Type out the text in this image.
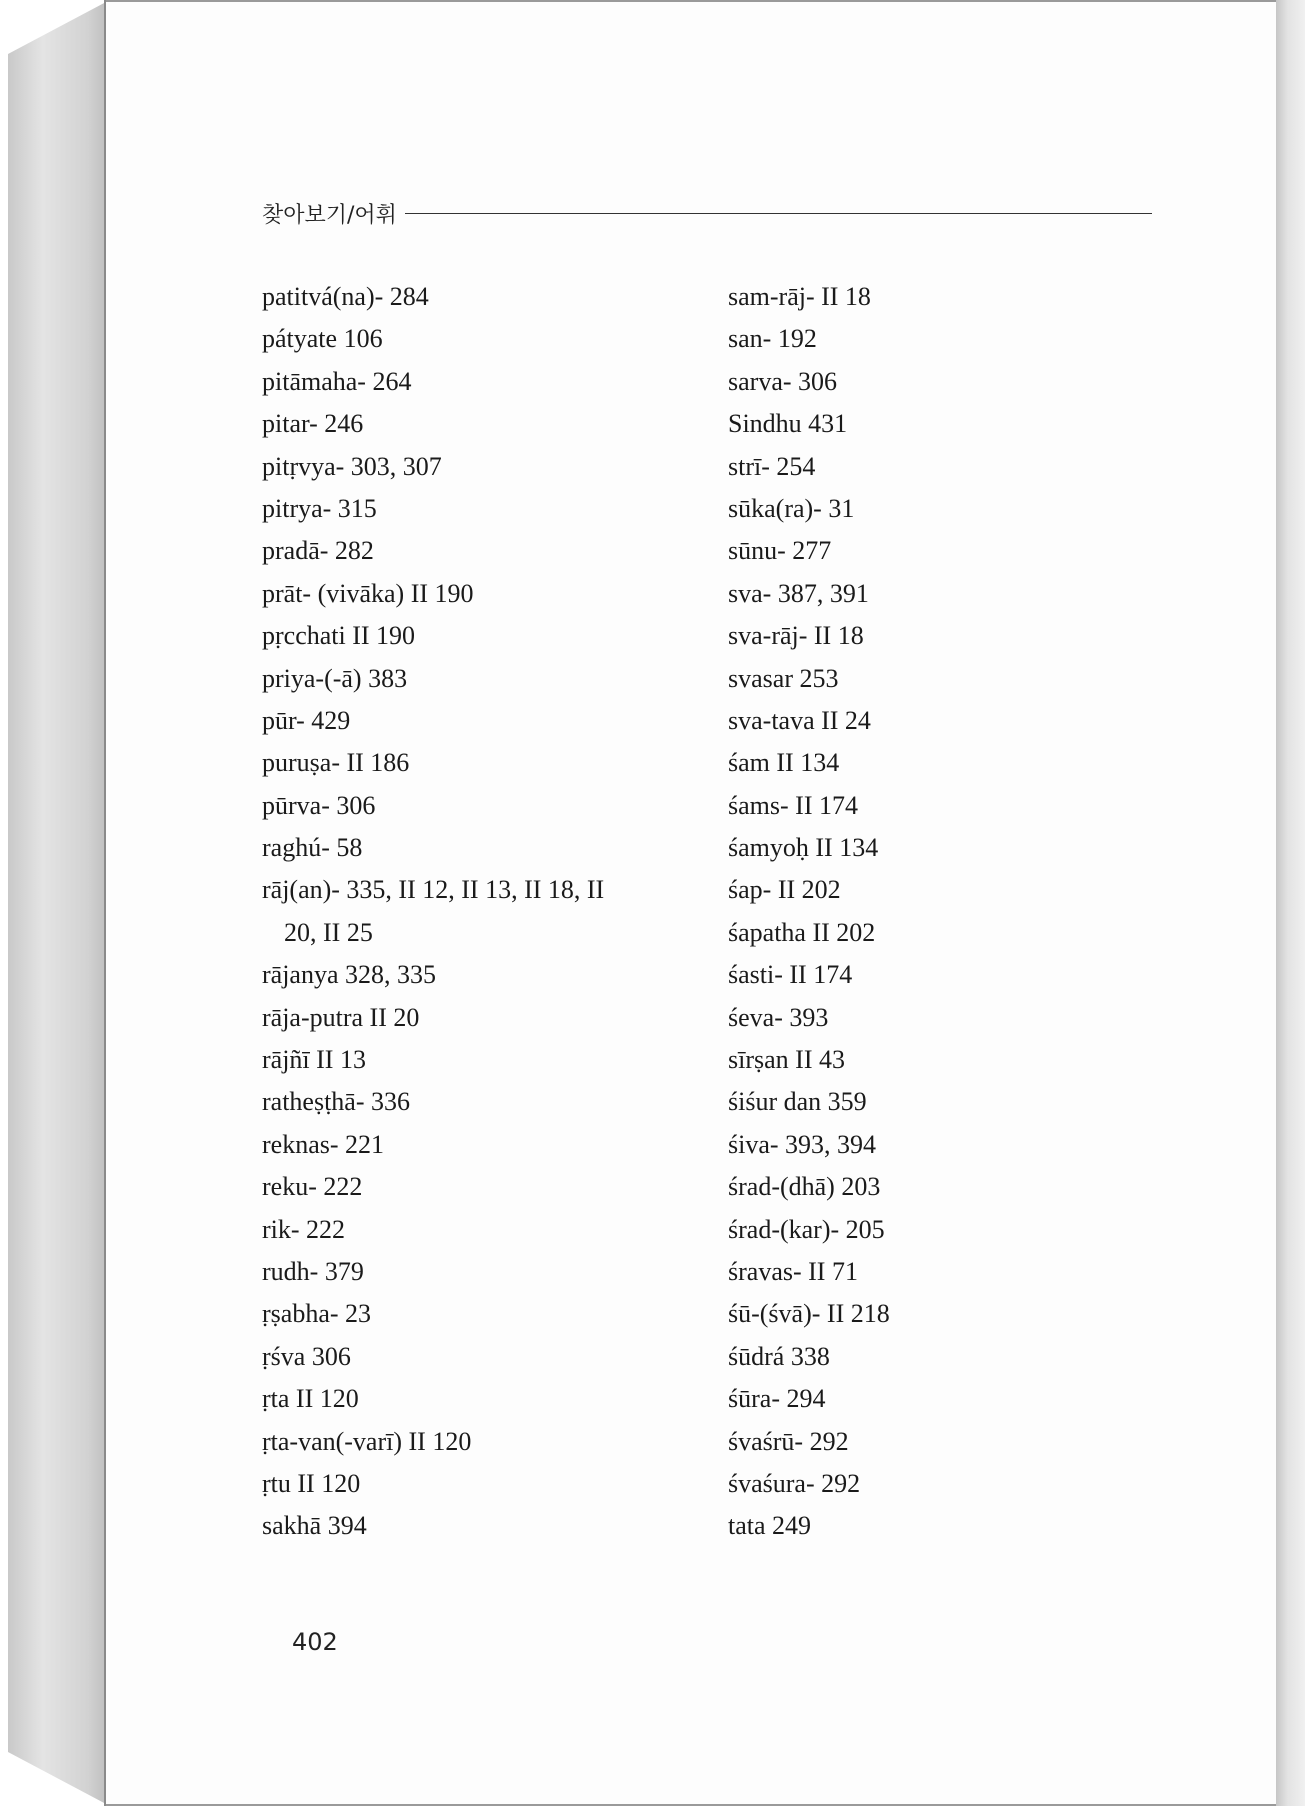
찾아보기/어휘
patitvá(na)- 284
pátyate 106
pitāmaha- 264
pitar- 246
pitṛvya- 303, 307
pitrya- 315
pradā- 282
prāt- (vivāka) II 190
pṛcchati II 190
priya-(-ā) 383
pūr- 429
puruṣa- II 186
pūrva- 306
raghú- 58
rāj(an)- 335, II 12, II 13, II 18, II
20, II 25
rājanya 328, 335
rāja-putra II 20
rājñī II 13
ratheṣṭhā- 336
reknas- 221
reku- 222
rik- 222
rudh- 379
ṛṣabha- 23
ṛśva 306
ṛta II 120
ṛta-van(-varī) II 120
ṛtu II 120
sakhā 394
sam-rāj- II 18
san- 192
sarva- 306
Sindhu 431
strī- 254
sūka(ra)- 31
sūnu- 277
sva- 387, 391
sva-rāj- II 18
svasar 253
sva-tava II 24
śam II 134
śams- II 174
śamyoḥ II 134
śap- II 202
śapatha II 202
śasti- II 174
śeva- 393
sīrṣan II 43
śiśur dan 359
śiva- 393, 394
śrad-(dhā) 203
śrad-(kar)- 205
śravas- II 71
śū-(śvā)- II 218
śūdrá 338
śūra- 294
śvaśrū- 292
śvaśura- 292
tata 249
402
